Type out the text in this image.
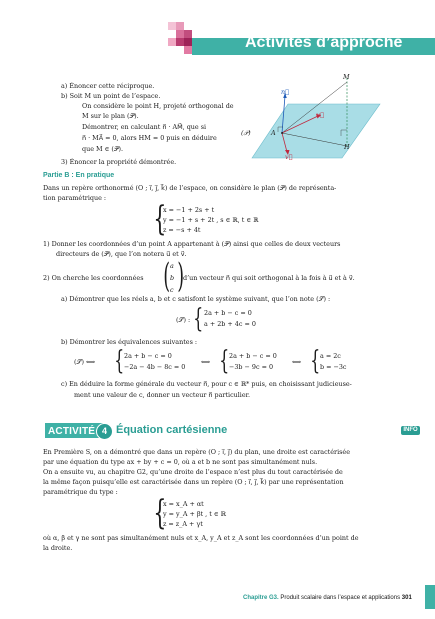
Activités d’approche
a) Énoncer cette réciproque.
b) Soit M un point de l’espace.
On considère le point H, projeté orthogonal de
M sur le plan (𝒫).
Démontrer, en calculant n⃗ · AM⃗, que si
n⃗ · MA⃗ = 0, alors HM = 0 puis en déduire
que M ∈ (𝒫).
3) Énoncer la propriété démontrée.
M
n⃗
u⃗
A
H
v⃗
(𝒫)
Partie B : En pratique
Dans un repère orthonormé (O ; i⃗, j⃗, k⃗) de l’espace, on considère le plan (𝒫) de représenta-
tion paramétrique :
{
x = −1 + 2s + t
y = −1 + s + 2t , s ∈ ℝ, t ∈ ℝ
z = −s + 4t
1) Donner les coordonnées d’un point A appartenant à (𝒫) ainsi que celles de deux vecteurs
directeurs de (𝒫), que l’on notera u⃗ et v⃗.
2) On cherche les coordonnées ( a
b
c ) d’un vecteur n⃗ qui soit orthogonal à la fois à u⃗ et à v⃗.
a) Démontrer que les réels a, b et c satisfont le système suivant, que l’on note (𝒮) :
(𝒮) : { 2a + b − c = 0
a + 2b + 4c = 0
b) Démontrer les équivalences suivantes :
(𝒮) ⟺ { 2a + b − c = 0
−2a − 4b − 8c = 0
⟺ { 2a + b − c = 0
−3b − 9c = 0
⟺ { a = 2c
b = −3c
c) En déduire la forme générale du vecteur n⃗, pour c ∈ ℝ* puis, en choisissant judicieuse-
ment une valeur de c, donner un vecteur n⃗ particulier.
ACTIVITÉ 4 Équation cartésienne	INFO
En Première S, on a démontré que dans un repère (O ; i⃗, j⃗) du plan, une droite est caractérisée
par une équation du type ax + by + c = 0, où a et b ne sont pas simultanément nuls.
On a ensuite vu, au chapitre G2, qu’une droite de l’espace n’est plus du tout caractérisée de
la même façon puisqu’elle est caractérisée dans un repère (O ; i⃗, j⃗, k⃗) par une représentation
paramétrique du type :
{
x = x_A + αt
y = y_A + βt , t ∈ ℝ
z = z_A + γt
où α, β et γ ne sont pas simultanément nuls et x_A, y_A et z_A sont les coordonnées d’un point de
la droite.
Chapitre G3. Produit scalaire dans l’espace et applications 301
